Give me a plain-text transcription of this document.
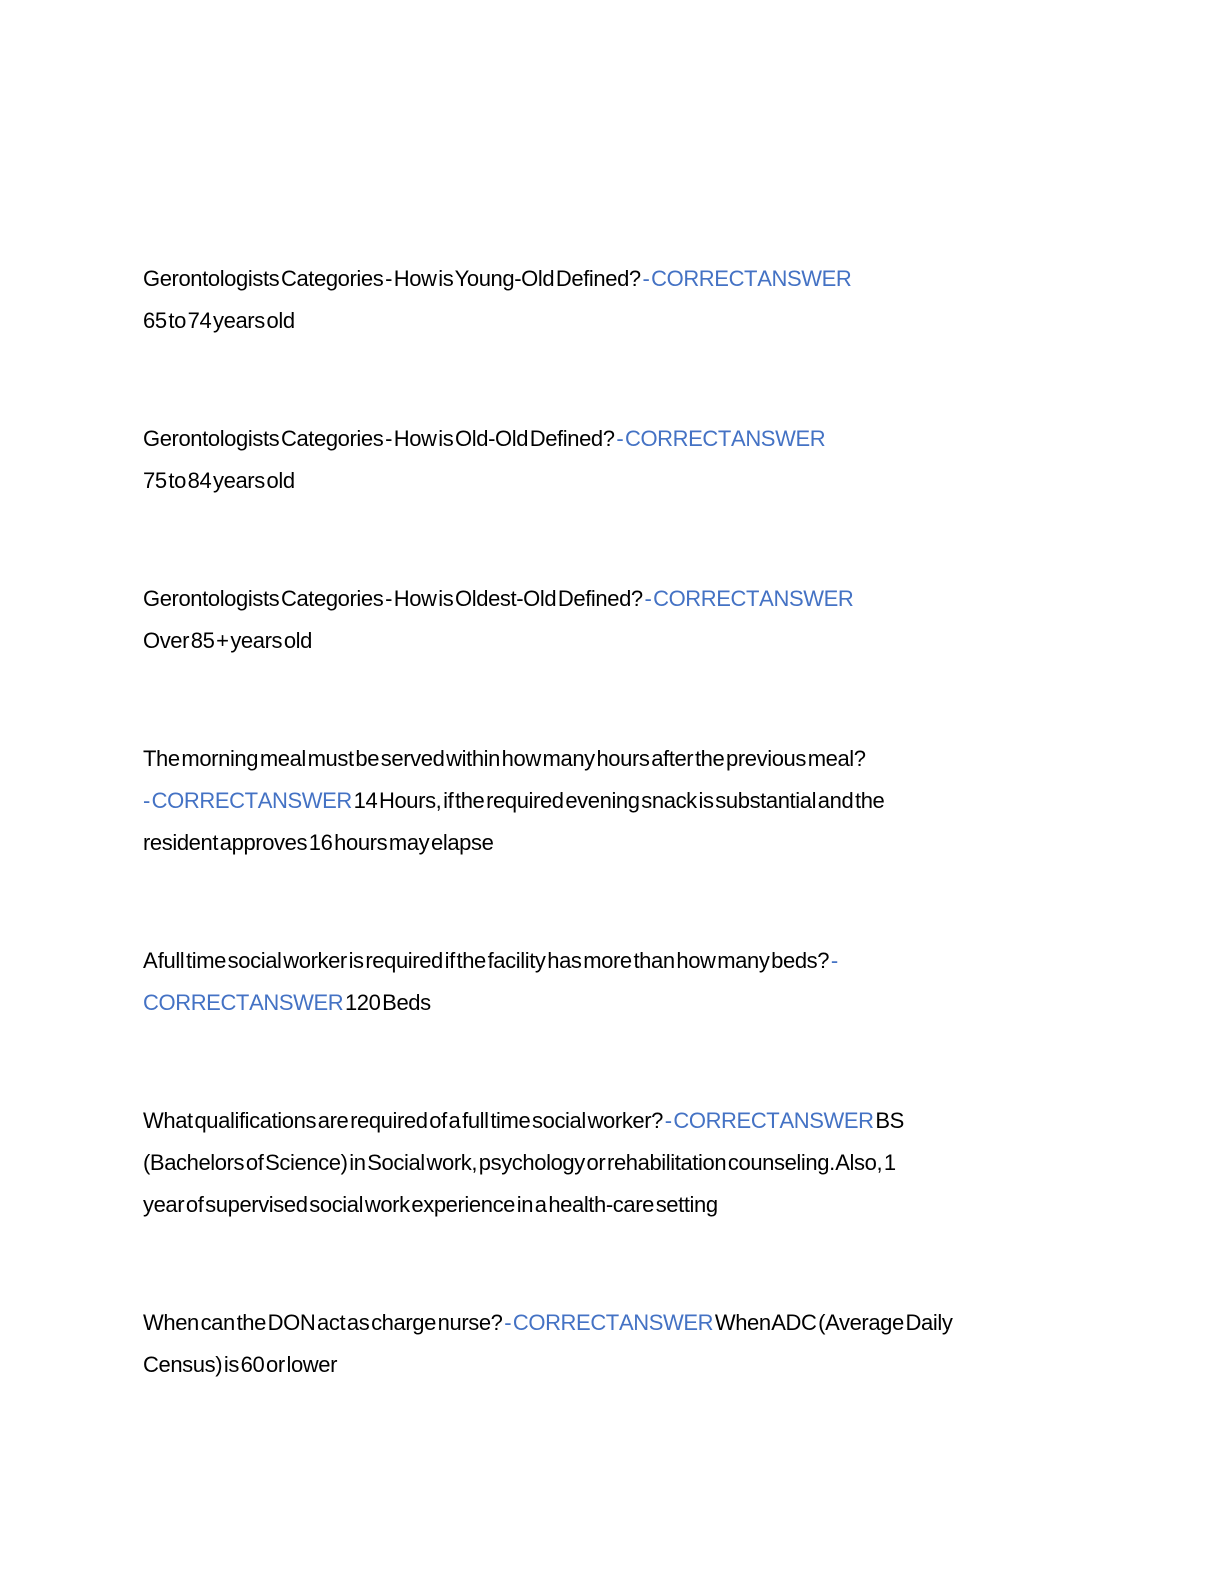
Gerontologists Categories - How is Young-Old Defined? - CORRECT ANSWER
65 to 74 years old
Gerontologists Categories - How is Old-Old Defined? - CORRECT ANSWER
75 to 84 years old
Gerontologists Categories - How is Oldest-Old Defined? - CORRECT ANSWER
Over 85 + years old
The morning meal must be served within how many hours after the previous meal?
- CORRECT ANSWER 14 Hours, if the required evening snack is substantial and the
resident approves 16 hours may elapse
A full time social worker is required if the facility has more than how many beds? -
CORRECT ANSWER 120 Beds
What qualifications are required of a full time social worker? - CORRECT ANSWER BS
(Bachelors of Science) in Social work, psychology or rehabilitation counseling. Also, 1
year of supervised social work experience in a health-care setting
When can the DON act as charge nurse? - CORRECT ANSWER When ADC (Average Daily
Census) is 60 or lower
